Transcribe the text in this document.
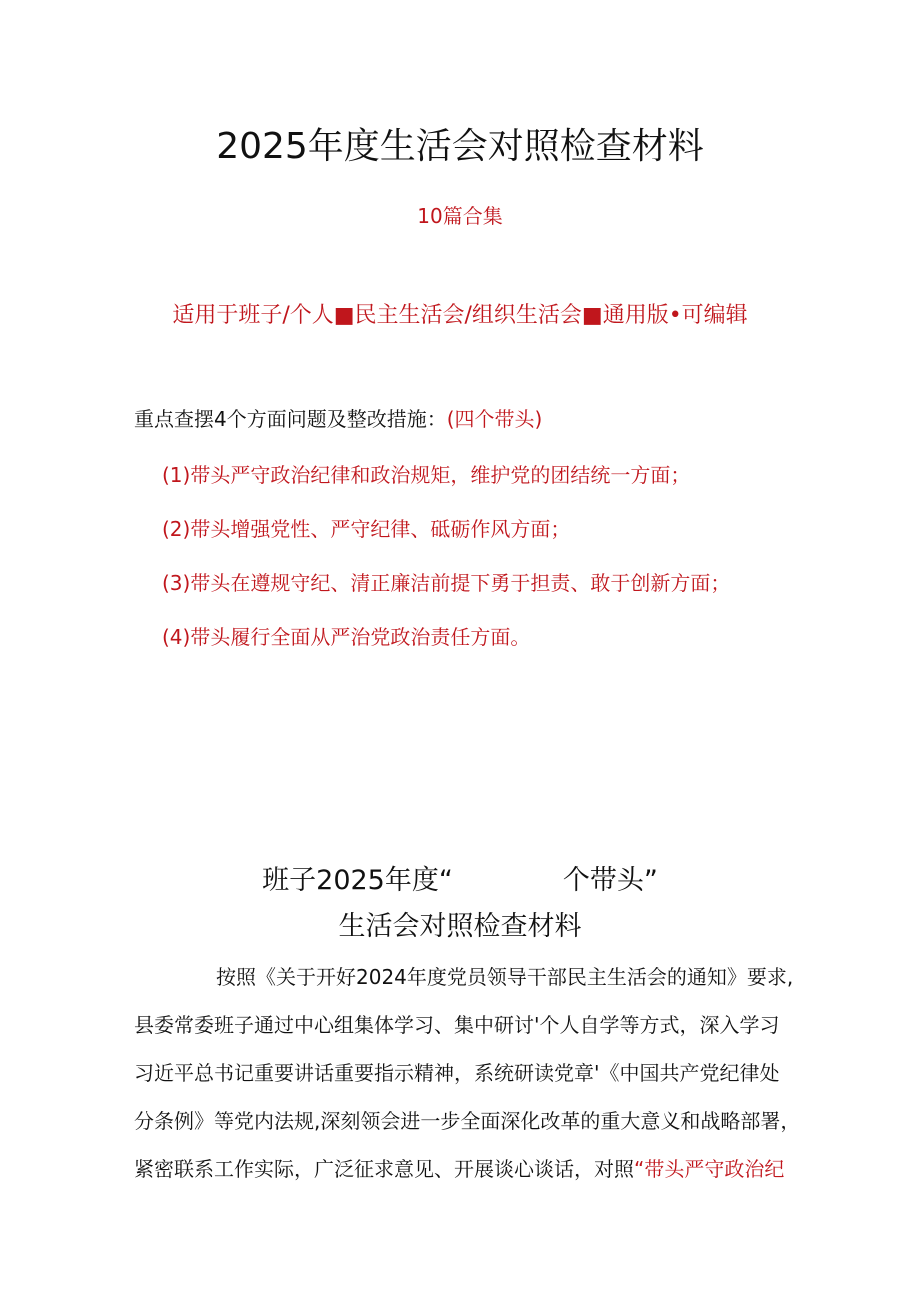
2025年度生活会对照检查材料
10篇合集
适用于班子/个人■民主生活会/组织生活会■通用版•可编辑
重点查摆4个方面问题及整改措施：(四个带头)
(1)带头严守政治纪律和政治规矩，维护党的团结统一方面；
(2)带头增强党性、严守纪律、砥砺作风方面；
(3)带头在遵规守纪、清正廉洁前提下勇于担责、敢于创新方面；
(4)带头履行全面从严治党政治责任方面。
班子2025年度“	个带头”
生活会对照检查材料
按照《关于开好2024年度党员领导干部民主生活会的通知》要求,
县委常委班子通过中心组集体学习、集中研讨'个人自学等方式，深入学习
习近平总书记重要讲话重要指示精神，系统研读党章'《中国共产党纪律处
分条例》等党内法规,深刻领会进一步全面深化改革的重大意义和战略部署，
紧密联系工作实际，广泛征求意见、开展谈心谈话，对照“带头严守政治纪
